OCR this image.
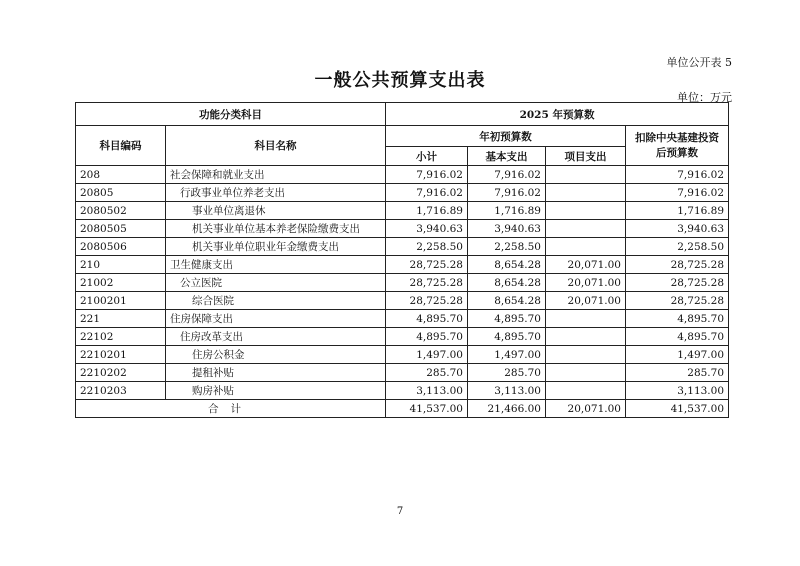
单位公开表 5
一般公共预算支出表
单位：万元
功能分类科目		2025 年预算数			
科目编码	科目名称	年初预算数			扣除中央基建投资后预算数
		小计	基本支出	项目支出	
208	社会保障和就业支出	7,916.02	7,916.02		7,916.02
20805	行政事业单位养老支出	7,916.02	7,916.02		7,916.02
2080502	事业单位离退休	1,716.89	1,716.89		1,716.89
2080505	机关事业单位基本养老保险缴费支出	3,940.63	3,940.63		3,940.63
2080506	机关事业单位职业年金缴费支出	2,258.50	2,258.50		2,258.50
210	卫生健康支出	28,725.28	8,654.28	20,071.00	28,725.28
21002	公立医院	28,725.28	8,654.28	20,071.00	28,725.28
2100201	综合医院	28,725.28	8,654.28	20,071.00	28,725.28
221	住房保障支出	4,895.70	4,895.70		4,895.70
22102	住房改革支出	4,895.70	4,895.70		4,895.70
2210201	住房公积金	1,497.00	1,497.00		1,497.00
2210202	提租补贴	285.70	285.70		285.70
2210203	购房补贴	3,113.00	3,113.00		3,113.00
合计		41,537.00	21,466.00	20,071.00	41,537.00
7
